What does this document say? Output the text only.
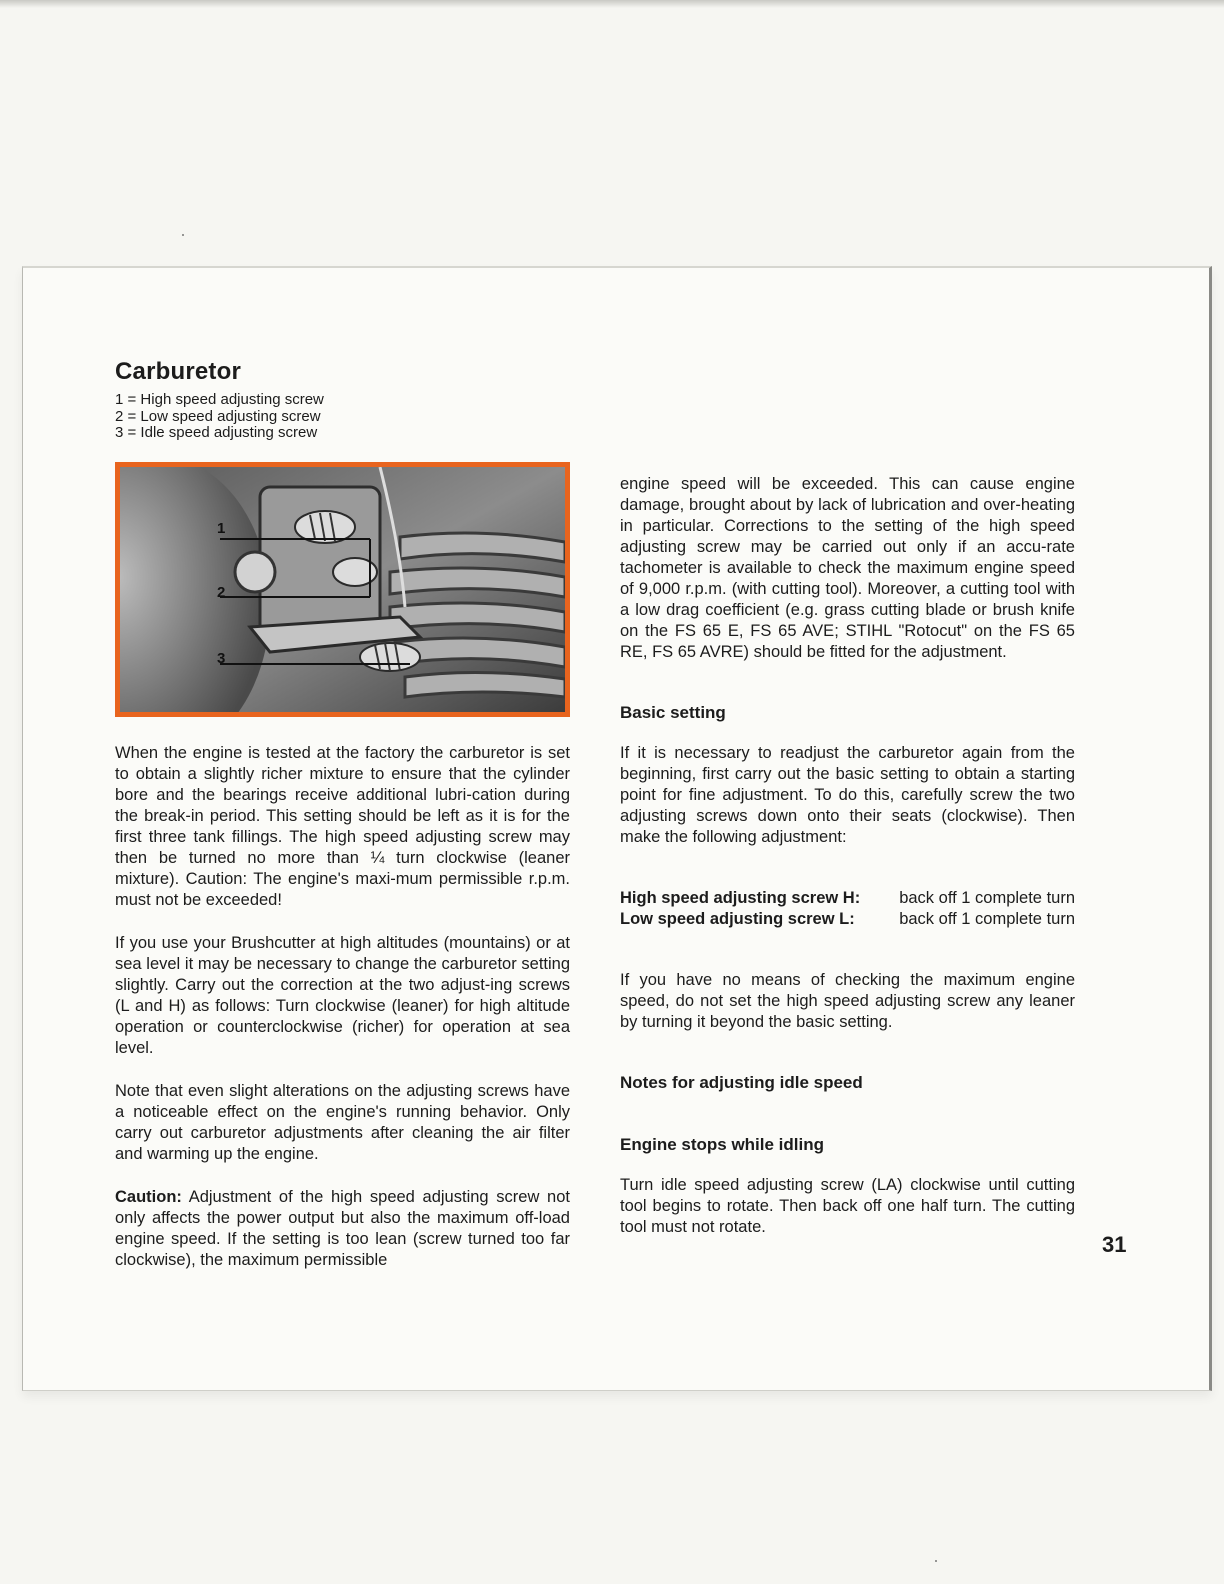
Carburetor
1 = High speed adjusting screw
2 = Low speed adjusting screw
3 = Idle speed adjusting screw
1
2
3

When the engine is tested at the factory the carburetor is set to obtain a slightly richer mixture to ensure that the cylinder bore and the bearings receive additional lubri-cation during the break-in period. This setting should be left as it is for the first three tank fillings. The high speed adjusting screw may then be turned no more than ¼ turn clockwise (leaner mixture). Caution: The engine's maxi-mum permissible r.p.m. must not be exceeded!

If you use your Brushcutter at high altitudes (mountains) or at sea level it may be necessary to change the carburetor setting slightly. Carry out the correction at the two adjust-ing screws (L and H) as follows: Turn clockwise (leaner) for high altitude operation or counterclockwise (richer) for operation at sea level.

Note that even slight alterations on the adjusting screws have a noticeable effect on the engine's running behavior. Only carry out carburetor adjustments after cleaning the air filter and warming up the engine.

Caution: Adjustment of the high speed adjusting screw not only affects the power output but also the maximum off-load engine speed. If the setting is too lean (screw turned too far clockwise), the maximum permissible

engine speed will be exceeded. This can cause engine damage, brought about by lack of lubrication and over-heating in particular. Corrections to the setting of the high speed adjusting screw may be carried out only if an accu-rate tachometer is available to check the maximum engine speed of 9,000 r.p.m. (with cutting tool). Moreover, a cutting tool with a low drag coefficient (e.g. grass cutting blade or brush knife on the FS 65 E, FS 65 AVE; STIHL "Rotocut" on the FS 65 RE, FS 65 AVRE) should be fitted for the adjustment.

Basic setting

If it is necessary to readjust the carburetor again from the beginning, first carry out the basic setting to obtain a starting point for fine adjustment. To do this, carefully screw the two adjusting screws down onto their seats (clockwise). Then make the following adjustment:

High speed adjusting screw H: back off 1 complete turn
Low speed adjusting screw L:	back off 1 complete turn

If you have no means of checking the maximum engine speed, do not set the high speed adjusting screw any leaner by turning it beyond the basic setting.

Notes for adjusting idle speed
Engine stops while idling

Turn idle speed adjusting screw (LA) clockwise until cutting tool begins to rotate. Then back off one half turn. The cutting tool must not rotate.

31
